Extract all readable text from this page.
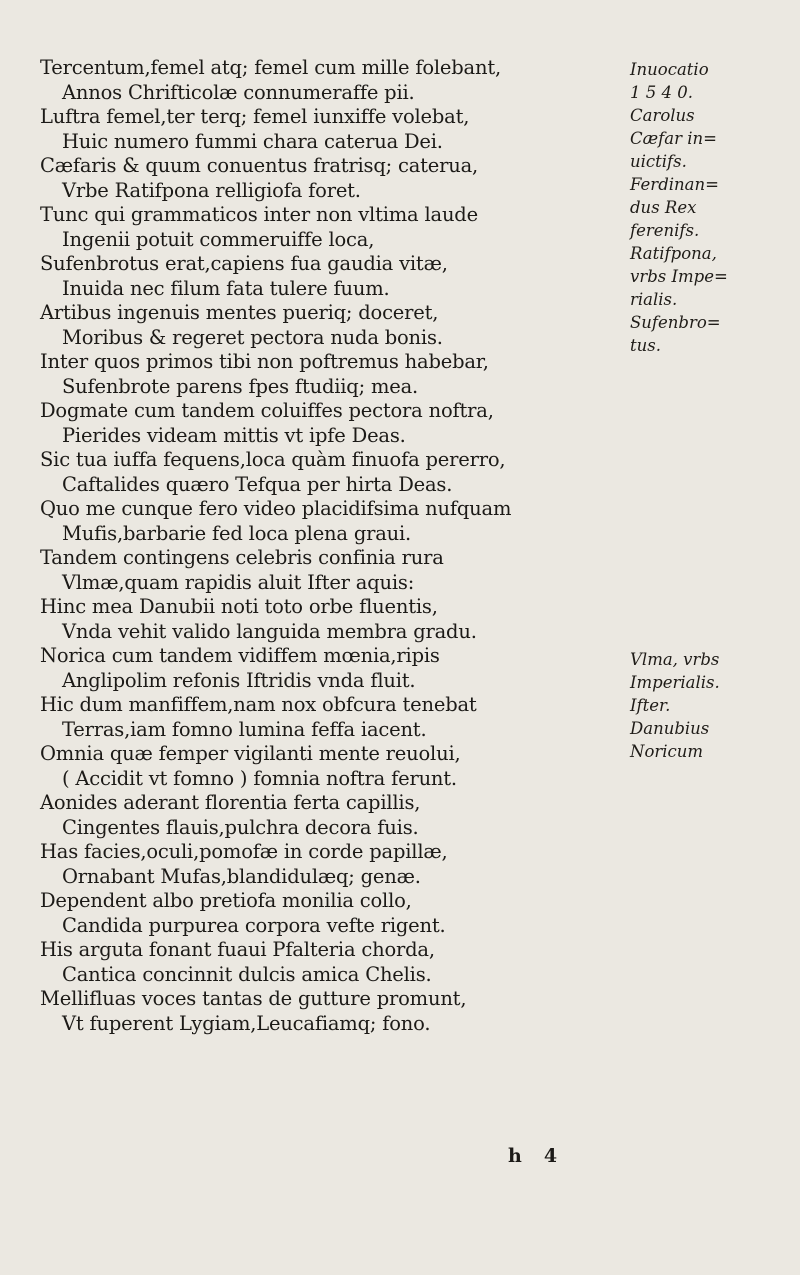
Tercentum,femel atq; femel cum mille folebant,
Annos Chrifticolæ connumeraffe pii.
Luftra femel,ter terq; femel iunxiffe volebat,
Huic numero fummi chara caterua Dei.
Cæfaris & quum conuentus fratrisq; caterua,
Vrbe Ratifpona relligiofa foret.
Tunc qui grammaticos inter non vltima laude
Ingenii potuit commeruiffe loca,
Sufenbrotus erat,capiens fua gaudia vitæ,
Inuida nec filum fata tulere fuum.
Artibus ingenuis mentes pueriq; doceret,
Moribus & regeret pectora nuda bonis.
Inter quos primos tibi non poftremus habebar,
Sufenbrote parens fpes ftudiiq; mea.
Dogmate cum tandem coluiffes pectora noftra,
Pierides videam mittis vt ipfe Deas.
Sic tua iuffa fequens,loca quàm finuofa pererro,
Caftalides quæro Tefqua per hirta Deas.
Quo me cunque fero video placidifsima nufquam
Mufis,barbarie fed loca plena graui.
Tandem contingens celebris confinia rura
Vlmæ,quam rapidis aluit Ifter aquis:
Hinc mea Danubii noti toto orbe fluentis,
Vnda vehit valido languida membra gradu.
Norica cum tandem vidiffem mœnia,ripis
Anglipolim refonis Iftridis vnda fluit.
Hic dum manfiffem,nam nox obfcura tenebat
Terras,iam fomno lumina feffa iacent.
Omnia quæ femper vigilanti mente reuolui,
( Accidit vt fomno ) fomnia noftra ferunt.
Aonides aderant florentia ferta capillis,
Cingentes flauis,pulchra decora fuis.
Has facies,oculi,pomofæ in corde papillæ,
Ornabant Mufas,blandidulæq; genæ.
Dependent albo pretiofa monilia collo,
Candida purpurea corpora vefte rigent.
His arguta fonant fuaui Pfalteria chorda,
Cantica concinnit dulcis amica Chelis.
Mellifluas voces tantas de gutture promunt,
Vt fuperent Lygiam,Leucafiamq; fono.
Inuocatio
1 5 4 0.
Carolus
Cæfar in=
uictifs.
Ferdinan=
dus Rex
ferenifs.
Ratifpona,
vrbs Impe=
rialis.
Sufenbro=
tus.
Vlma, vrbs
Imperialis.
Ifter.
Danubius
Noricum
h 4
